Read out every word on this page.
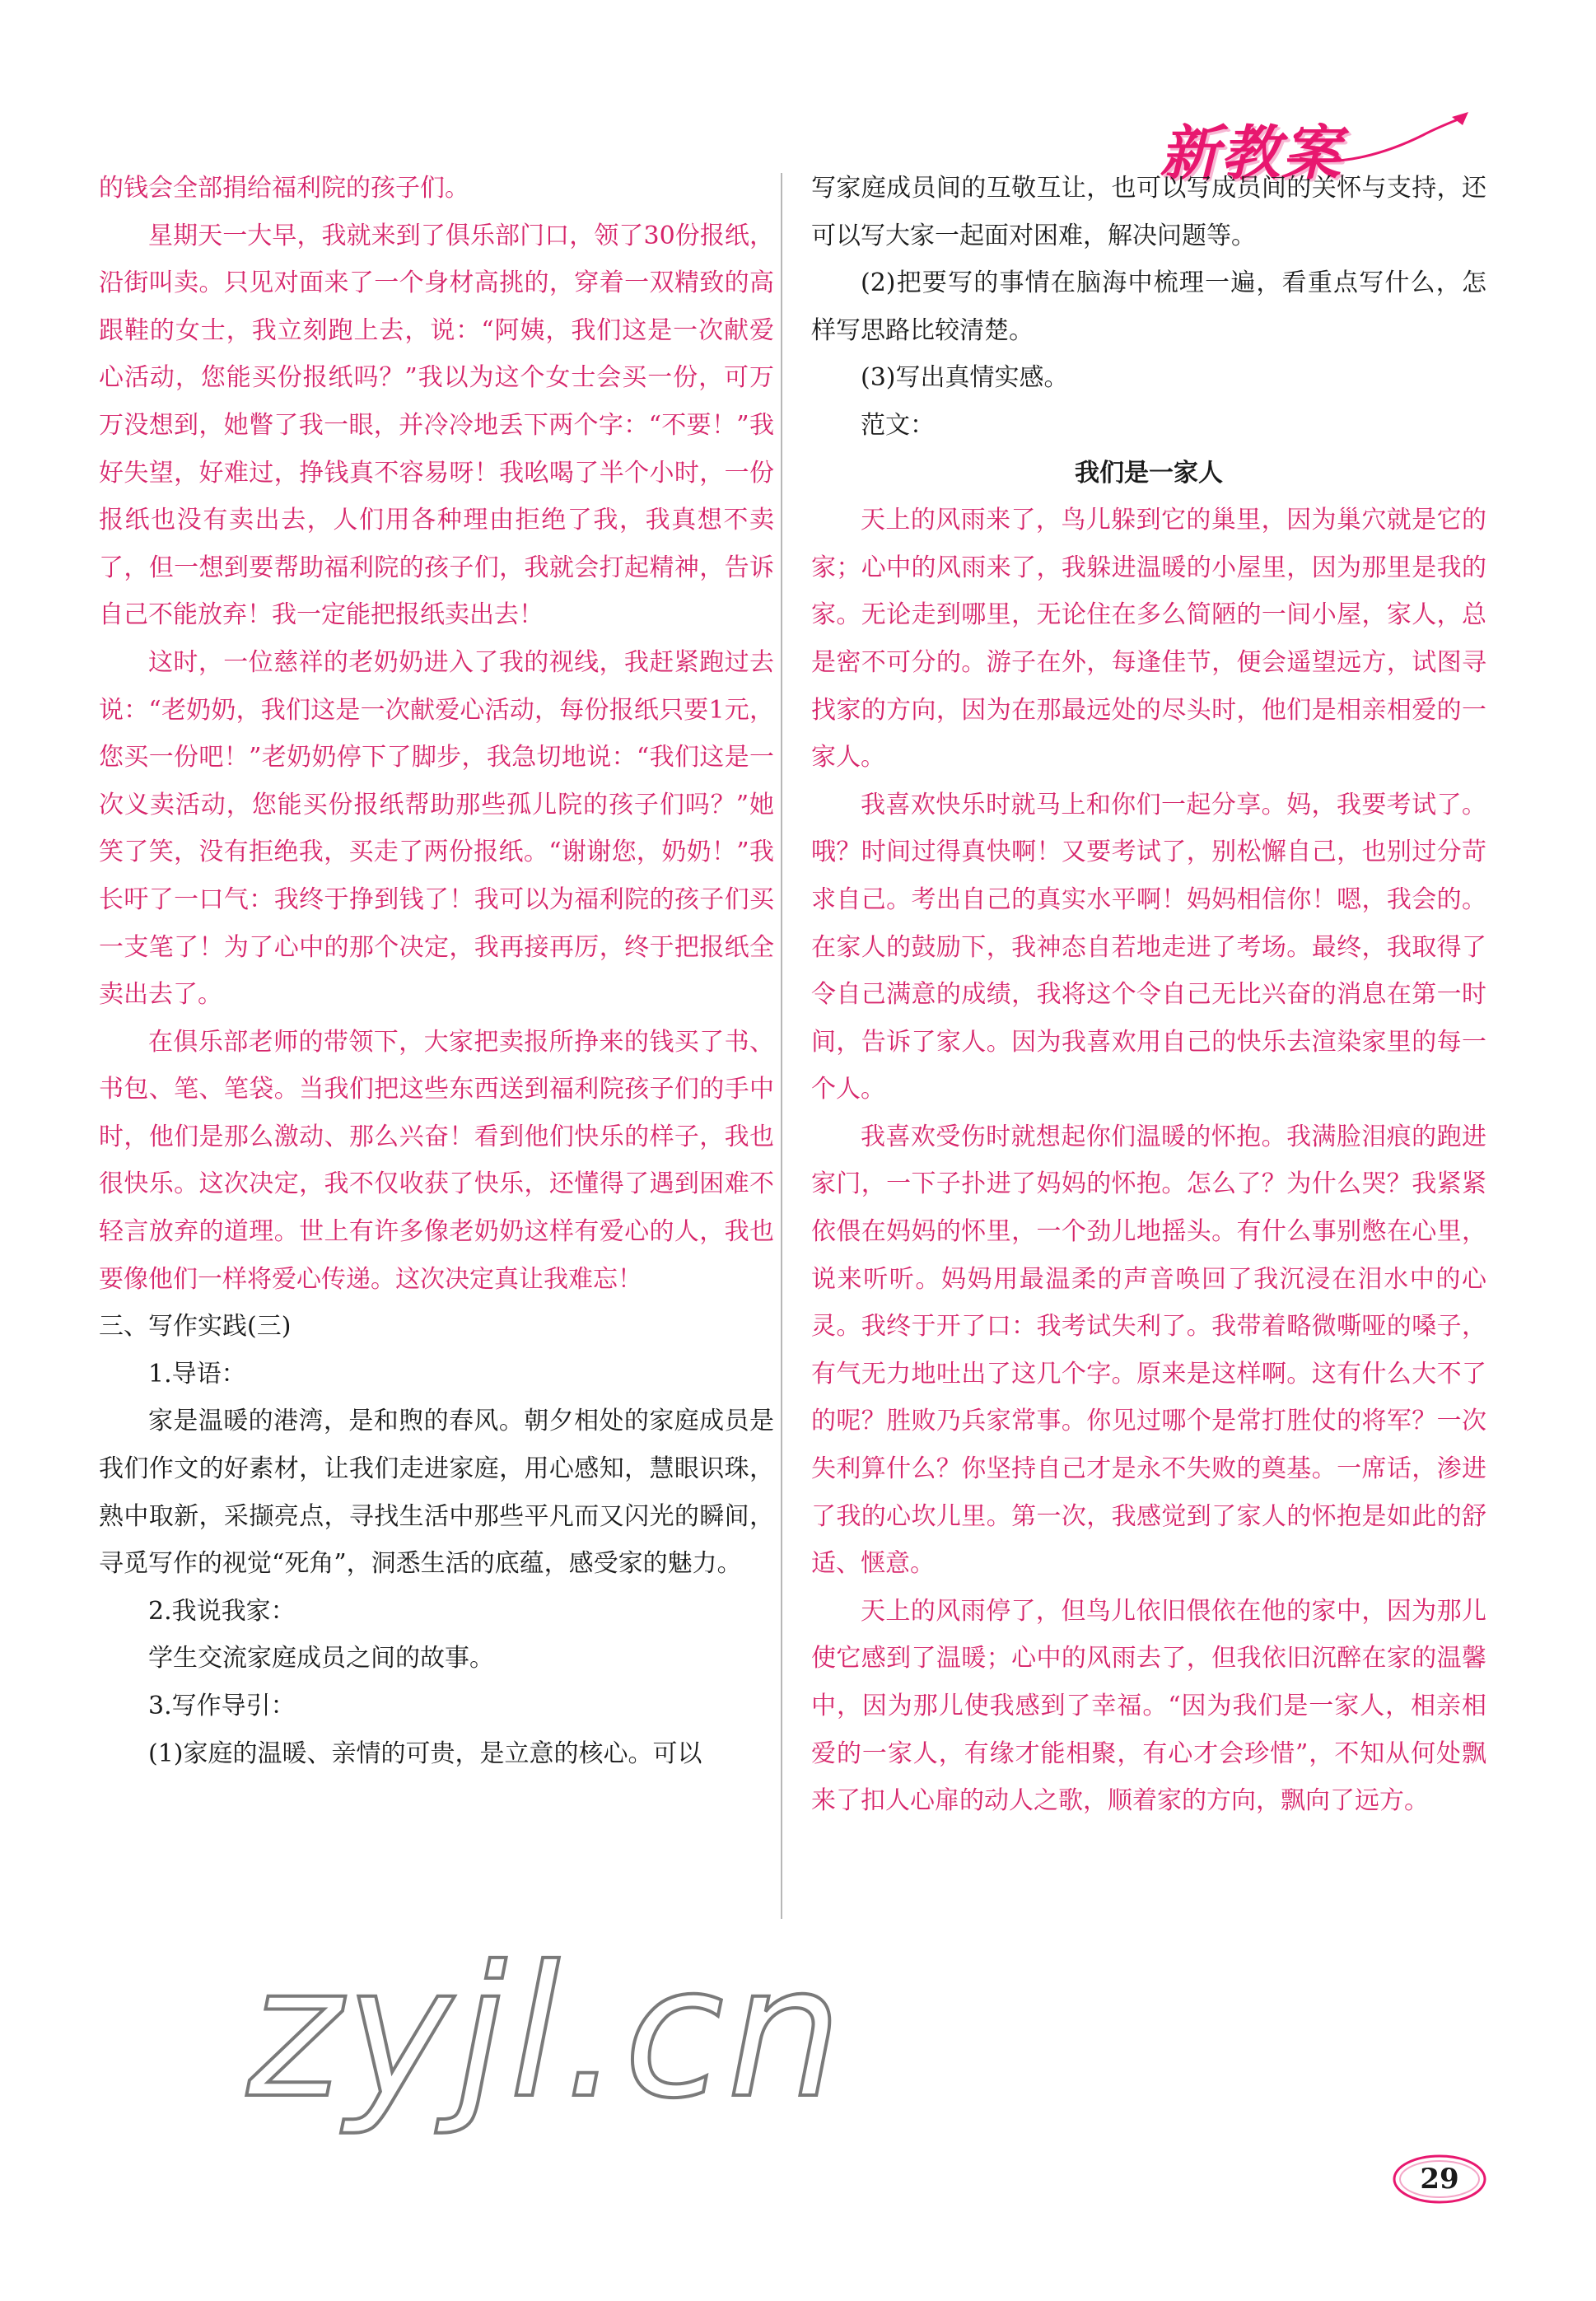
新教案

的钱会全部捐给福利院的孩子们。

星期天一大早，我就来到了俱乐部门口，领了30份报纸，沿街叫卖。只见对面来了一个身材高挑的，穿着一双精致的高跟鞋的女士，我立刻跑上去，说：“阿姨，我们这是一次献爱心活动，您能买份报纸吗？”我以为这个女士会买一份，可万万没想到，她瞥了我一眼，并冷冷地丢下两个字：“不要！”我好失望，好难过，挣钱真不容易呀！我吆喝了半个小时，一份报纸也没有卖出去，人们用各种理由拒绝了我，我真想不卖了，但一想到要帮助福利院的孩子们，我就会打起精神，告诉自己不能放弃！我一定能把报纸卖出去！

这时，一位慈祥的老奶奶进入了我的视线，我赶紧跑过去说：“老奶奶，我们这是一次献爱心活动，每份报纸只要1元，您买一份吧！”老奶奶停下了脚步，我急切地说：“我们这是一次义卖活动，您能买份报纸帮助那些孤儿院的孩子们吗？”她笑了笑，没有拒绝我，买走了两份报纸。“谢谢您，奶奶！”我长吁了一口气：我终于挣到钱了！我可以为福利院的孩子们买一支笔了！为了心中的那个决定，我再接再厉，终于把报纸全卖出去了。

在俱乐部老师的带领下，大家把卖报所挣来的钱买了书、书包、笔、笔袋。当我们把这些东西送到福利院孩子们的手中时，他们是那么激动、那么兴奋！看到他们快乐的样子，我也很快乐。这次决定，我不仅收获了快乐，还懂得了遇到困难不轻言放弃的道理。世上有许多像老奶奶这样有爱心的人，我也要像他们一样将爱心传递。这次决定真让我难忘！

三、写作实践(三)

1.导语：

家是温暖的港湾，是和煦的春风。朝夕相处的家庭成员是我们作文的好素材，让我们走进家庭，用心感知，慧眼识珠，熟中取新，采撷亮点，寻找生活中那些平凡而又闪光的瞬间，寻觅写作的视觉“死角”，洞悉生活的底蕴，感受家的魅力。

2.我说我家：

学生交流家庭成员之间的故事。

3.写作导引：

(1)家庭的温暖、亲情的可贵，是立意的核心。可以

写家庭成员间的互敬互让，也可以写成员间的关怀与支持，还可以写大家一起面对困难，解决问题等。

(2)把要写的事情在脑海中梳理一遍，看重点写什么，怎样写思路比较清楚。

(3)写出真情实感。

范文：

我们是一家人

天上的风雨来了，鸟儿躲到它的巢里，因为巢穴就是它的家；心中的风雨来了，我躲进温暖的小屋里，因为那里是我的家。无论走到哪里，无论住在多么简陋的一间小屋，家人，总是密不可分的。游子在外，每逢佳节，便会遥望远方，试图寻找家的方向，因为在那最远处的尽头时，他们是相亲相爱的一家人。

我喜欢快乐时就马上和你们一起分享。妈，我要考试了。哦？时间过得真快啊！又要考试了，别松懈自己，也别过分苛求自己。考出自己的真实水平啊！妈妈相信你！嗯，我会的。在家人的鼓励下，我神态自若地走进了考场。最终，我取得了令自己满意的成绩，我将这个令自己无比兴奋的消息在第一时间，告诉了家人。因为我喜欢用自己的快乐去渲染家里的每一个人。

我喜欢受伤时就想起你们温暖的怀抱。我满脸泪痕的跑进家门，一下子扑进了妈妈的怀抱。怎么了？为什么哭？我紧紧依偎在妈妈的怀里，一个劲儿地摇头。有什么事别憋在心里，说来听听。妈妈用最温柔的声音唤回了我沉浸在泪水中的心灵。我终于开了口：我考试失利了。我带着略微嘶哑的嗓子，有气无力地吐出了这几个字。原来是这样啊。这有什么大不了的呢？胜败乃兵家常事。你见过哪个是常打胜仗的将军？一次失利算什么？你坚持自己才是永不失败的奠基。一席话，渗进了我的心坎儿里。第一次，我感觉到了家人的怀抱是如此的舒适、惬意。

天上的风雨停了，但鸟儿依旧偎依在他的家中，因为那儿使它感到了温暖；心中的风雨去了，但我依旧沉醉在家的温馨中，因为那儿使我感到了幸福。“因为我们是一家人，相亲相爱的一家人，有缘才能相聚，有心才会珍惜”，不知从何处飘来了扣人心扉的动人之歌，顺着家的方向，飘向了远方。

zyjl.cn
29
